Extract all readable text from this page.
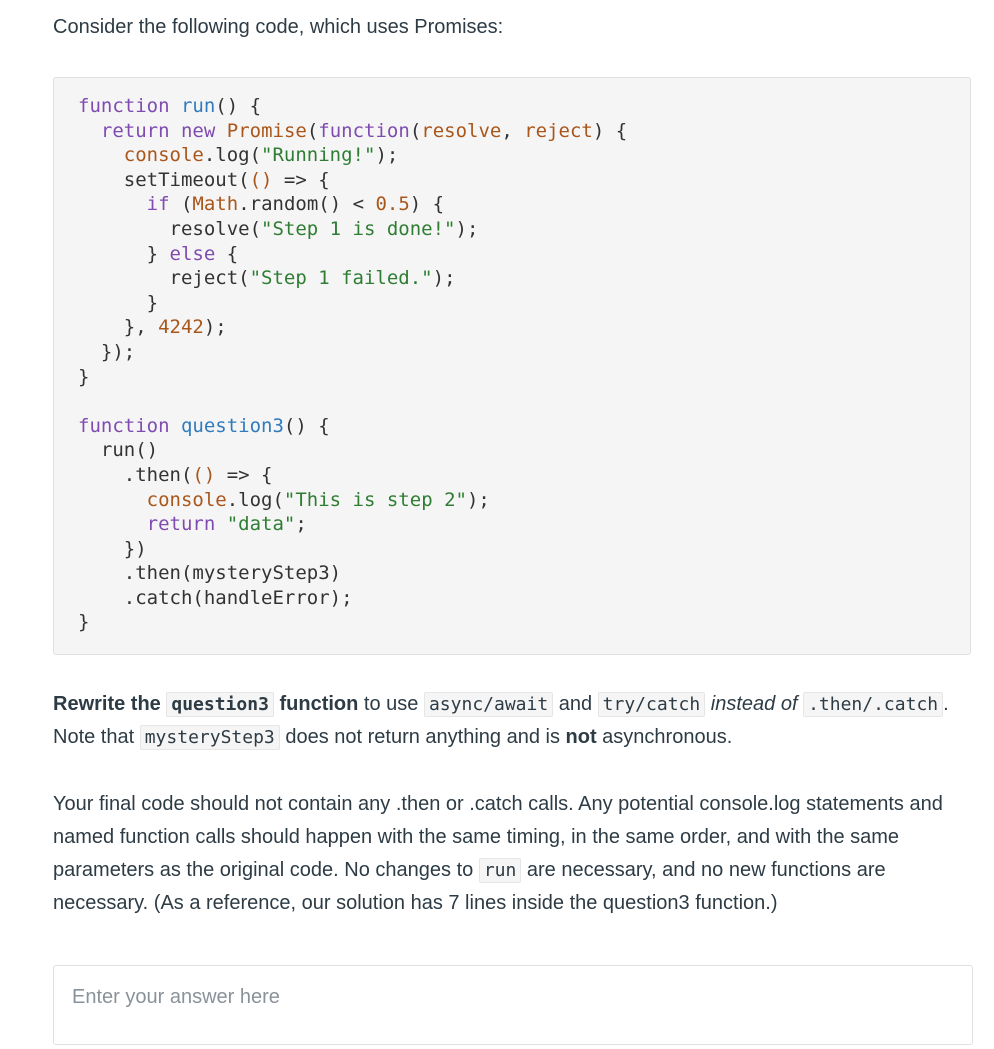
Consider the following code, which uses Promises:
function run() {
return new Promise(function(resolve, reject) {
console.log("Running!");
setTimeout(() => {
if (Math.random() < 0.5) {
resolve("Step 1 is done!");
} else {
reject("Step 1 failed.");
}
}, 4242);
});
}

function question3() {
run()
.then(() => {
console.log("This is step 2");
return "data";
})
.then(mysteryStep3)
.catch(handleError);
}
Rewrite the question3 function to use async/await and try/catch instead of .then/.catch . Note that mysteryStep3 does not return anything and is not asynchronous.
Your final code should not contain any .then or .catch calls. Any potential console.log statements and named function calls should happen with the same timing, in the same order, and with the same parameters as the original code. No changes to run are necessary, and no new functions are necessary. (As a reference, our solution has 7 lines inside the question3 function.)
Enter your answer here
